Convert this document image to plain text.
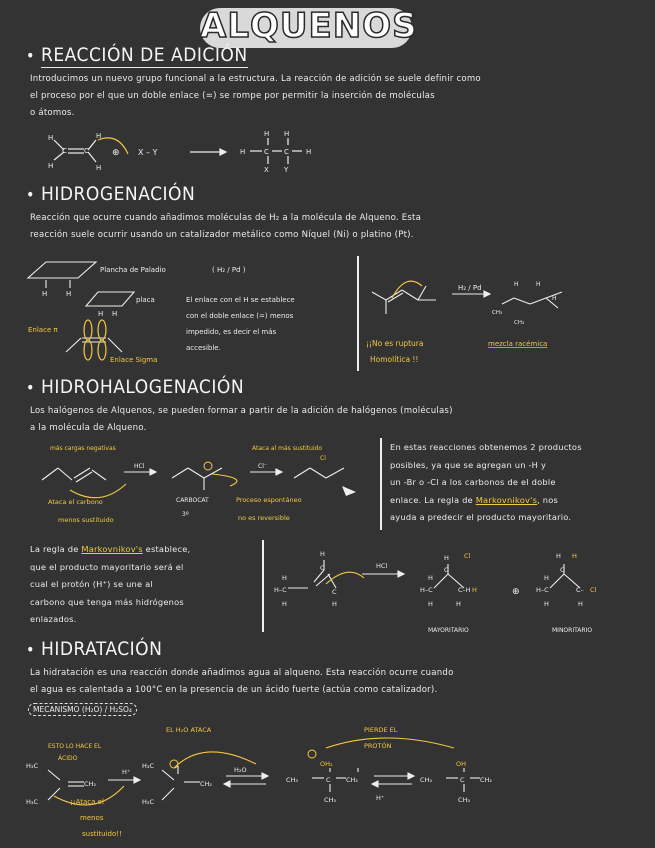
ALQUENOS
• REACCIÓN DE ADICIÓN
Introducimos un nuevo grupo funcional a la estructura. La reacción de adición se suele definir como
el proceso por el que un doble enlace (=) se rompe por permitir la inserción de moléculas
o átomos.
H
H
C C
H
H
H	C C H
H H
X Y
⊕ X – Y
• HIDROGENACIÓN
Reacción que ocurre cuando añadimos moléculas de H₂ a la molécula de Alqueno. Esta
reacción suele ocurrir usando un catalizador metálico como Níquel (Ni) o platino (Pt).
H	H
H H
Plancha de Paladio	( H₂ / Pd )
placa
Enlace π
Enlace Sigma
El enlace con el H se establece
con el doble enlace (=) menos
impedido, es decir el más
accesible.
H₂ / Pd	H	H
H
CH₃
CH₃
¡¡No es ruptura
Homolítica !!
mezcla racémica
• HIDROHALOGENACIÓN
Los halógenos de Alquenos, se pueden formar a partir de la adición de halógenos (moléculas)
a la molécula de Alqueno.
más cargas negativas	Ataca al más sustituido
HCl	Cl⁻
Cl
Ataca el carbono
menos sustituido
CARBOCAT
3º
Proceso espontáneo
no es reversible
En estas reacciones obtenemos 2 productos
posibles, ya que se agregan un -H y
un -Br o -Cl a los carbonos de el doble
enlace. La regla de Markovnikov's, nos
ayuda a predecir el producto mayoritario.
La regla de Markovnikov's establece,
que el producto mayoritario será el
cual el protón (H⁺) se une al
carbono que tenga más hidrógenos
enlazados.
H
H–C
H
H
C
C
H
H
H–C
H
C
C–H
H
H
H
H–C
H
C
C–
H
H
HCl
Cl
H
H
Cl
⊕
MAYORITARIO	MINORITARIO
• HIDRATACIÓN
La hidratación es una reacción donde añadimos agua al alqueno. Esta reacción ocurre cuando
el agua es calentada a 100°C en la presencia de un ácido fuerte (actúa como catalizador).
MECANISMO (H₂O) / H₂SO₄
EL H₂O ATACA	PIERDE EL
PROTÓN
ESTO LO HACE EL
ÁCIDO
¡¡Ataca el
menos
sustituido!!
H₃C
H₃C
CH₂
H⁺
H₃C
H₃C
CH₂
H₂O
CH₃	C CH₂
OH₂
CH₃	H⁺
CH₃	C CH₂
OH
CH₃
